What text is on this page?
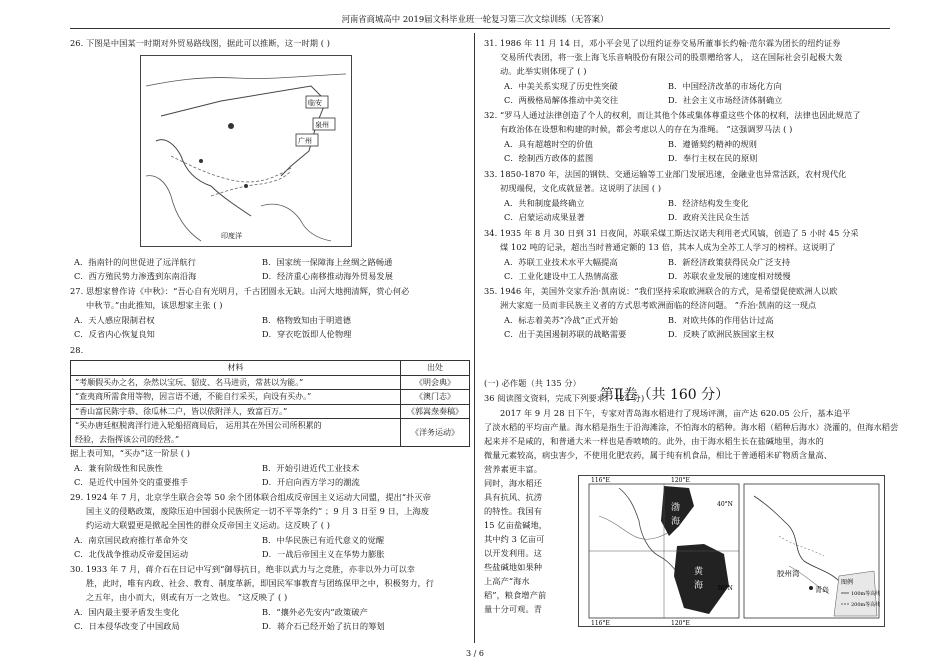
河南省商城高中 2019届文科毕业班一轮复习第三次文综训练（无答案）
26. 下图是中国某一时期对外贸易路线图，据此可以推断，这一时期 ( )
临安
泉州
广州
印度洋
A．指南针的问世促进了远洋航行	B．国家统一保障海上丝绸之路畅通
C．西方殖民势力渗透到东南沿海	D．经济重心南移推动海外贸易发展
27. 思想家曾作诗《中秋》：“吾心自有光明月，千古团圆永无缺。山河大地拥清辉，赏心何必
中秋节。”由此推知，该思想家主张 ( )
A．天人感应限制君权	B．格物致知由于明道德
C．反省内心恢复良知	D．穿衣吃饭即人伦物理
28.
材料	出处
“考顺假买办之名，杂然以宝玩、貂皮、名马进贡，常甚以为能。”	《明会典》
“查夷商所需食用等物，因言语不通，不能自行采买，向设有买办。”	《澳门志》
“香山富民陈宇恭、徐瓜林二户，皆以依附洋人，致富百万。”	《郭嵩焘奏稿》
“买办唐廷枢脱离洋行进入轮船招商局后， 运用其在外国公司所积累的	《洋务运动》
经验，去指挥该公司的经营。”	
据上表可知，“买办”这一阶层 ( )
A．兼有阶级性和民族性	B．开始引进近代工业技术
C．是近代中国外交的重要推手	D．开启向西方学习的潮流
29. 1924 年 7 月，北京学生联合会等 50 余个团体联合组成反帝国主义运动大同盟，提出“扑灭帝
国主义的侵略政策，废除压迫中国弱小民族所定一切不平等条约” ；9 月 3 日至 9 日，上海废
约运动大联盟更是掀起全国性的群众反帝国主义运动。这反映了 ( )
A．南京国民政府推行革命外交	B．中华民族已有近代意义的觉醒
C．北伐战争推动反帝爱国运动	D．一战后帝国主义在华势力膨胀
30. 1933 年 7 月，蒋介石在日记中写到“御辱抗日，绝非以武力与之竞胜，亦非以外力可以幸
胜，此时，唯有内政、社会、教育、制度革新，即国民军事教育与团练保甲之中，积极努力，行
之五年，由小而大，则或有万一之效也。 ”这反映了 ( )
A．国内最主要矛盾发生变化	B．“攘外必先安内”政策破产
C．日本侵华改变了中国政局	D．蒋介石已经开始了抗日的筹划
31. 1986 年 11 月 14 日，邓小平会见了以纽约证券交易所董事长约翰·范尔霖为团长的纽约证券
交易所代表团，将一张上海飞乐音响股份有限公司的股票赠给客人， 这在国际社会引起极大轰
动。此举实则体现了 ( )
A．中美关系实现了历史性突破	B．中国经济改革的市场化方向
C．两极格局解体推动中美交往	D．社会主义市场经济体制确立
32. “罗马人通过法律创造了个人的权利，而让其他个体或集体尊重这些个体的权利，法律也因此规范了
有政治体在设想和构建的时候，都会考虑以人的存在为准绳。 ”这强调罗马法 ( )
A．具有超越时空的价值	B．遵循契约精神的规则
C．绘制西方政体的蓝图	D．奉行主权在民的原则
33. 1850-1870 年，法国的钢铁、交通运输等工业部门发展迅速，金融业也异常活跃，农村现代化
初现端倪，文化成就显著。这说明了法国 ( )
A．共和制度最终确立	B．经济结构发生变化
C．启蒙运动成果显著	D．政府关注民众生活
34. 1935 年 8 月 30 日到 31 日夜间，苏联采煤工斯达汉诺夫利用老式风镐，创造了 5 小时 45 分采
煤 102 吨的记录，超出当时普通定额的 13 倍，其本人成为全苏工人学习的榜样。这说明了
A．苏联工业技术水平大幅提高	B．新经济政策获得民众广泛支持
C．工业化建设中工人热情高涨	D．苏联农业发展的速度相对缓慢
35. 1946 年，美国外交家乔治·凯南说：“我们坚持采取欧洲联合的方式，是希望促使欧洲人以欧
洲大家庭一员而非民族主义者的方式思考欧洲面临的经济问题。 ”乔治·凯南的这一现点
A．标志着美苏“冷战”正式开始	B．对欧共体的作用估计过高
C．出于美国遏制苏联的战略需要	D．反映了欧洲民族国家主权
第Ⅱ卷（共 160 分）
(一) 必作题（共 135 分）
36 阅读图文资料，完成下列要求。 (24 分)
2017 年 9 月 28 日下午，专家对青岛海水稻进行了现场评测，亩产达 620.05 公斤，基本追平
了淡水稻的平均亩产量。海水稻是指生于沿海滩涂，不怕海水的稻种。海水稻（稻种后海水）浇灌的，但海水稻尝
起来并不是咸的，和普通大米一样也是香喷喷的。此外，由于海水稻生长在盐碱地里，海水的
微量元素较高，病虫害少，不使用化肥农药，属于纯有机食品，相比于普通稻米矿物质含量高、
营养素更丰富。
同时，海水稻还
具有抗风、抗涝
的特性。我国有
15 亿亩盐碱地，
其中约 3 亿亩可
以开发利用。这
些盐碱地如果种
上高产“海水
稻”，粮食增产前
量十分可观。青
渤
海
黄
海
116°E	120°E
116°E	120°E
40°N
36°N
胶州湾
青岛
图例
100m等高线
200m等高线
3 / 6
